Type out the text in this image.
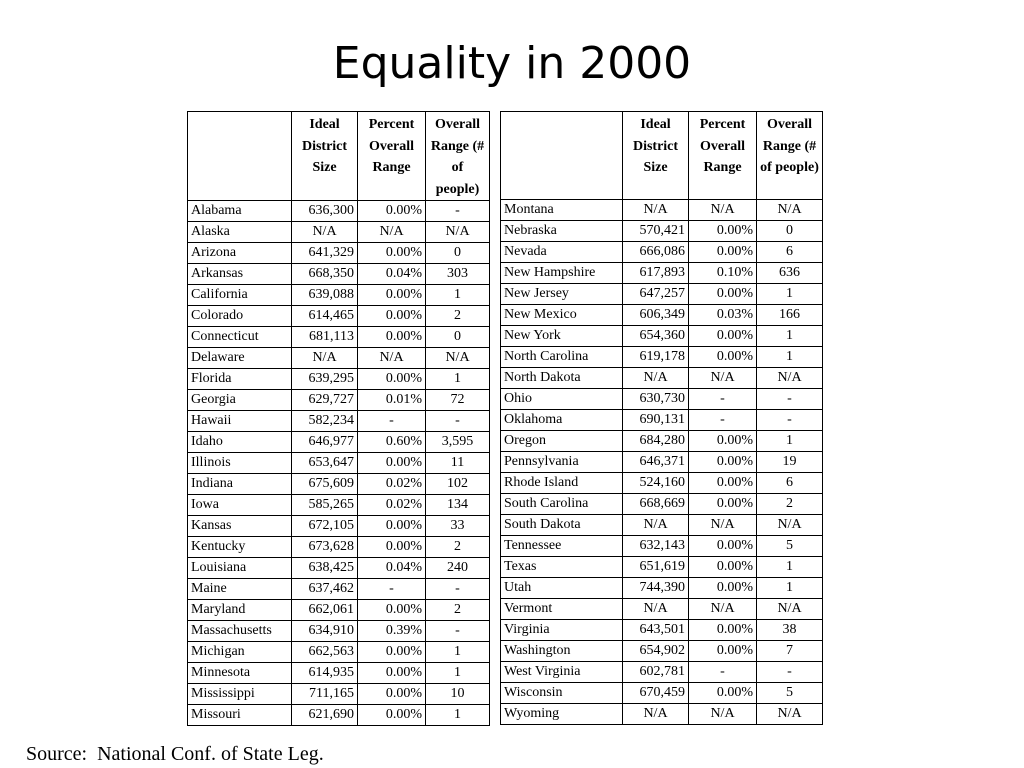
Equality in 2000
	Ideal District Size	Percent Overall Range	Overall Range (# of people)
Alabama	636,300	0.00%	-
Alaska	N/A	N/A	N/A
Arizona	641,329	0.00%	0
Arkansas	668,350	0.04%	303
California	639,088	0.00%	1
Colorado	614,465	0.00%	2
Connecticut	681,113	0.00%	0
Delaware	N/A	N/A	N/A
Florida	639,295	0.00%	1
Georgia	629,727	0.01%	72
Hawaii	582,234	-	-
Idaho	646,977	0.60%	3,595
Illinois	653,647	0.00%	11
Indiana	675,609	0.02%	102
Iowa	585,265	0.02%	134
Kansas	672,105	0.00%	33
Kentucky	673,628	0.00%	2
Louisiana	638,425	0.04%	240
Maine	637,462	-	-
Maryland	662,061	0.00%	2
Massachusetts	634,910	0.39%	-
Michigan	662,563	0.00%	1
Minnesota	614,935	0.00%	1
Mississippi	711,165	0.00%	10
Missouri	621,690	0.00%	1
	Ideal District Size	Percent Overall Range	Overall Range (# of people)
Montana	N/A	N/A	N/A
Nebraska	570,421	0.00%	0
Nevada	666,086	0.00%	6
New Hampshire	617,893	0.10%	636
New Jersey	647,257	0.00%	1
New Mexico	606,349	0.03%	166
New York	654,360	0.00%	1
North Carolina	619,178	0.00%	1
North Dakota	N/A	N/A	N/A
Ohio	630,730	-	-
Oklahoma	690,131	-	-
Oregon	684,280	0.00%	1
Pennsylvania	646,371	0.00%	19
Rhode Island	524,160	0.00%	6
South Carolina	668,669	0.00%	2
South Dakota	N/A	N/A	N/A
Tennessee	632,143	0.00%	5
Texas	651,619	0.00%	1
Utah	744,390	0.00%	1
Vermont	N/A	N/A	N/A
Virginia	643,501	0.00%	38
Washington	654,902	0.00%	7
West Virginia	602,781	-	-
Wisconsin	670,459	0.00%	5
Wyoming	N/A	N/A	N/A
Source:  National Conf. of State Leg.
